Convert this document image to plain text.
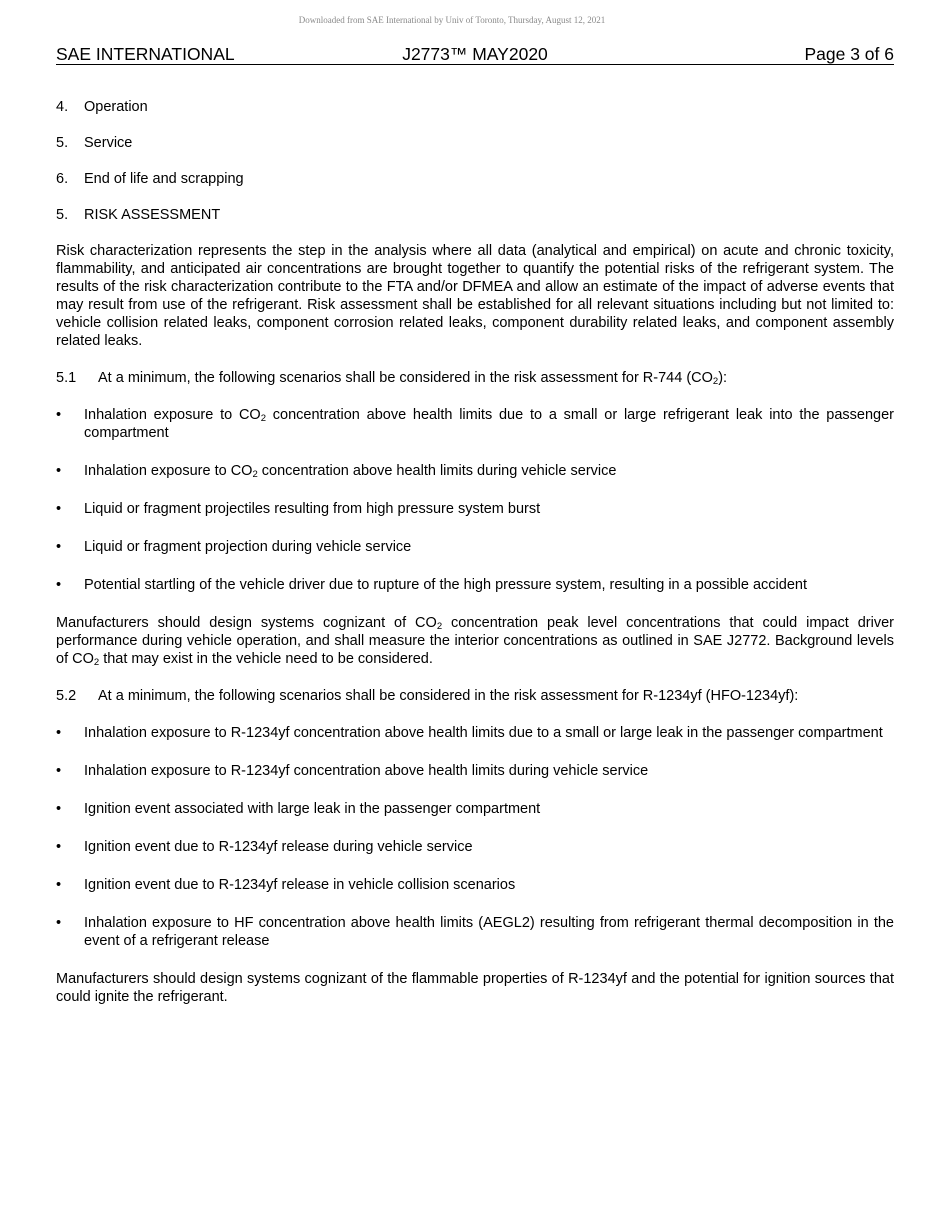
Downloaded from SAE International by Univ of Toronto, Thursday, August 12, 2021
SAE INTERNATIONAL	J2773™ MAY2020	Page 3 of 6
4.	Operation
5.	Service
6.	End of life and scrapping
5.	RISK ASSESSMENT

Risk characterization represents the step in the analysis where all data (analytical and empirical) on acute and chronic toxicity, flammability, and anticipated air concentrations are brought together to quantify the potential risks of the refrigerant system. The results of the risk characterization contribute to the FTA and/or DFMEA and allow an estimate of the impact of adverse events that may result from use of the refrigerant. Risk assessment shall be established for all relevant situations including but not limited to: vehicle collision related leaks, component corrosion related leaks, component durability related leaks, and component assembly related leaks.

5.1	At a minimum, the following scenarios shall be considered in the risk assessment for R-744 $(CO_2)$:
•	Inhalation exposure to $CO_2$ concentration above health limits due to a small or large refrigerant leak into the passenger compartment
•	Inhalation exposure to $CO_2$ concentration above health limits during vehicle service
•	Liquid or fragment projectiles resulting from high pressure system burst
•	Liquid or fragment projection during vehicle service
•	Potential startling of the vehicle driver due to rupture of the high pressure system, resulting in a possible accident

Manufacturers should design systems cognizant of $CO_2$ concentration peak level concentrations that could impact driver performance during vehicle operation, and shall measure the interior concentrations as outlined in SAE J2772. Background levels of $CO_2$ that may exist in the vehicle need to be considered.

5.2	At a minimum, the following scenarios shall be considered in the risk assessment for R-1234yf (HFO-1234yf):
•	Inhalation exposure to R-1234yf concentration above health limits due to a small or large leak in the passenger compartment
•	Inhalation exposure to R-1234yf concentration above health limits during vehicle service
•	Ignition event associated with large leak in the passenger compartment
•	Ignition event due to R-1234yf release during vehicle service
•	Ignition event due to R-1234yf release in vehicle collision scenarios
•	Inhalation exposure to HF concentration above health limits (AEGL2) resulting from refrigerant thermal decomposition in the event of a refrigerant release

Manufacturers should design systems cognizant of the flammable properties of R-1234yf and the potential for ignition sources that could ignite the refrigerant.
